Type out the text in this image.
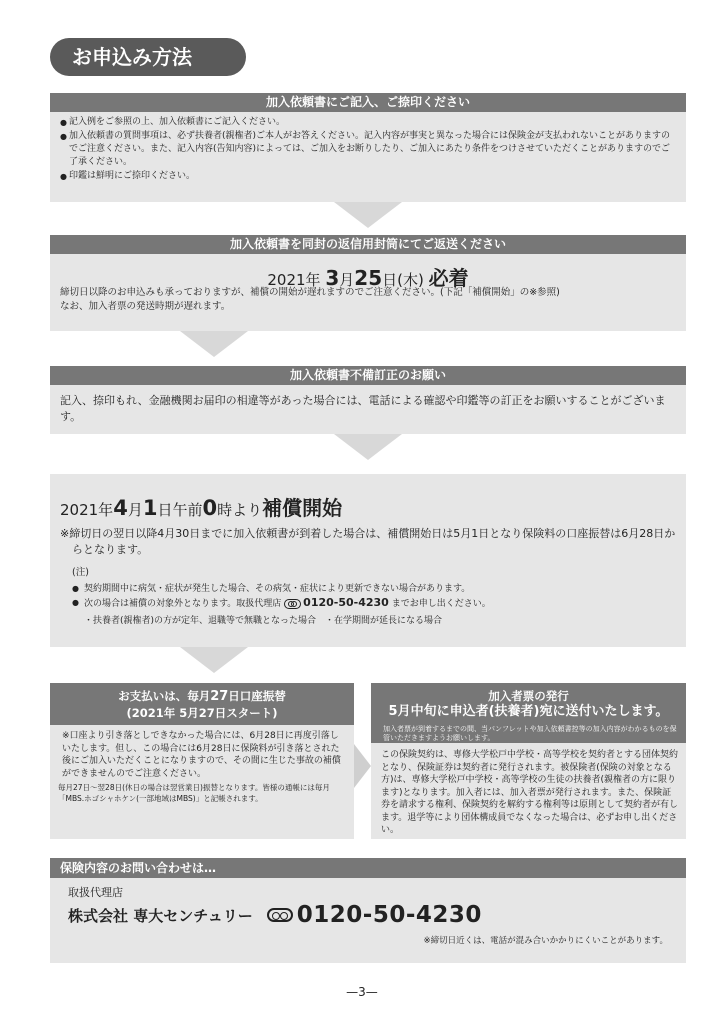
お申込み方法
加入依頼書にご記入、ご捺印ください
● 記入例をご参照の上、加入依頼書にご記入ください。
● 加入依頼書の質問事項は、必ず扶養者(親権者)ご本人がお答えください。記入内容が事実と異なった場合には保険金が支払われないことがありますのでご注意ください。また、記入内容(告知内容)によっては、ご加入をお断りしたり、ご加入にあたり条件をつけさせていただくことがありますのでご了承ください。
● 印鑑は鮮明にご捺印ください。
加入依頼書を同封の返信用封筒にてご返送ください
2021年 3月25日(木) 必着
締切日以降のお申込みも承っておりますが、補償の開始が遅れますのでご注意ください。(下記「補償開始」の※参照)
なお、加入者票の発送時期が遅れます。
加入依頼書不備訂正のお願い
記入、捺印もれ、金融機関お届印の相違等があった場合には、電話による確認や印鑑等の訂正をお願いすることがございます。
2021年4月1日午前0時より補償開始
※締切日の翌日以降4月30日までに加入依頼書が到着した場合は、補償開始日は5月1日となり保険料の口座振替は6月28日からとなります。
(注)
● 契約期間中に病気・症状が発生した場合、その病気・症状により更新できない場合があります。
● 次の場合は補償の対象外となります。取扱代理店 0120-50-4230 までお申し出ください。
・扶養者(親権者)の方が定年、退職等で無職となった場合　・在学期間が延長になる場合
お支払いは、毎月27日口座振替
(2021年 5月27日スタート)
※口座より引き落としできなかった場合には、6月28日に再度引落しいたします。但し、この場合には6月28日に保険料が引き落とされた後にご加入いただくことになりますので、その間に生じた事故の補償ができませんのでご注意ください。
毎月27日～翌28日(休日の場合は翌営業日)振替となります。皆様の通帳には毎月「MBS.ホゴシャホケン(一部地域はMBS)」と記帳されます。
加入者票の発行
5月中旬に申込者(扶養者)宛に送付いたします。
加入者票が到着するまでの間、当パンフレットや加入依頼書控等の加入内容がわかるものを保管いただきますようお願いします。
この保険契約は、専修大学松戸中学校・高等学校を契約者とする団体契約となり、保険証券は契約者に発行されます。被保険者(保険の対象となる方)は、専修大学松戸中学校・高等学校の生徒の扶養者(親権者の方に限ります)となります。加入者には、加入者票が発行されます。また、保険証券を請求する権利、保険契約を解約する権利等は原則として契約者が有します。退学等により団体構成員でなくなった場合は、必ずお申し出ください。
保険内容のお問い合わせは…
取扱代理店
株式会社 専大センチュリー 0120-50-4230
※締切日近くは、電話が混み合いかかりにくいことがあります。
—3—
